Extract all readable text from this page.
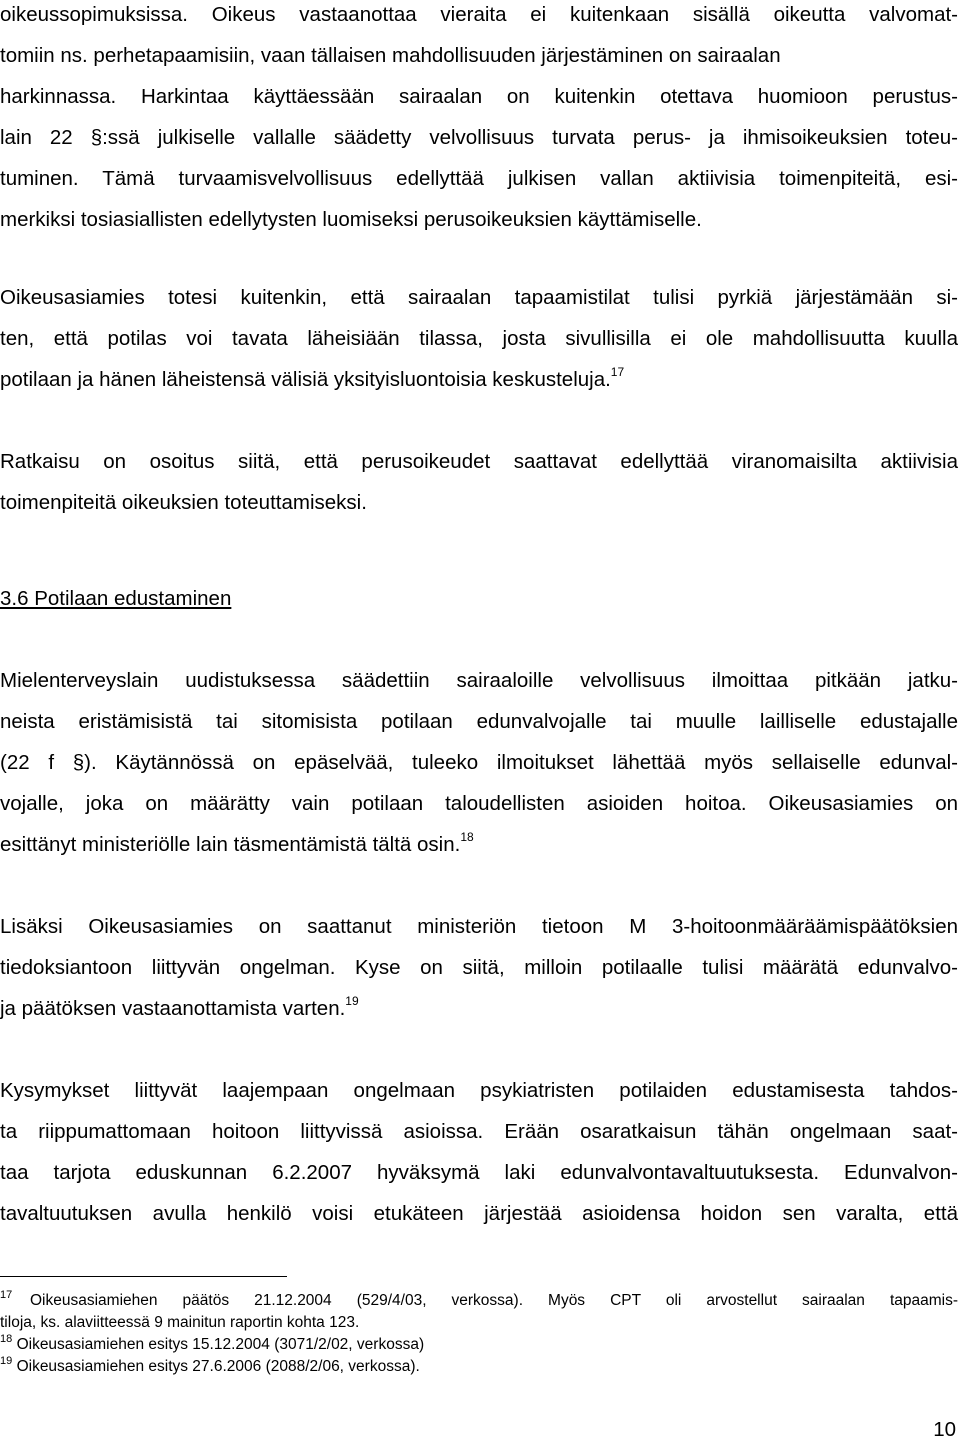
oikeussopimuksissa. Oikeus vastaanottaa vieraita ei kuitenkaan sisällä oikeutta valvomat-
tomiin ns. perhetapaamisiin, vaan tällaisen mahdollisuuden järjestäminen on sairaalan
harkinnassa. Harkintaa käyttäessään sairaalan on kuitenkin otettava huomioon perustus-
lain 22 §:ssä julkiselle vallalle säädetty velvollisuus turvata perus- ja ihmisoikeuksien toteu-
tuminen. Tämä turvaamisvelvollisuus edellyttää julkisen vallan aktiivisia toimenpiteitä, esi-
merkiksi tosiasiallisten edellytysten luomiseksi perusoikeuksien käyttämiselle.
Oikeusasiamies totesi kuitenkin, että sairaalan tapaamistilat tulisi pyrkiä järjestämään si-
ten, että potilas voi tavata läheisiään tilassa, josta sivullisilla ei ole mahdollisuutta kuulla
potilaan ja hänen läheistensä välisiä yksityisluontoisia keskusteluja.$^{17}$
Ratkaisu on osoitus siitä, että perusoikeudet saattavat edellyttää viranomaisilta aktiivisia
toimenpiteitä oikeuksien toteuttamiseksi.
3.6 Potilaan edustaminen
Mielenterveyslain uudistuksessa säädettiin sairaaloille velvollisuus ilmoittaa pitkään jatku-
neista eristämisistä tai sitomisista potilaan edunvalvojalle tai muulle lailliselle edustajalle
(22 f §). Käytännössä on epäselvää, tuleeko ilmoitukset lähettää myös sellaiselle edunval-
vojalle, joka on määrätty vain potilaan taloudellisten asioiden hoitoa. Oikeusasiamies on
esittänyt ministeriölle lain täsmentämistä tältä osin.$^{18}$
Lisäksi Oikeusasiamies on saattanut ministeriön tietoon M 3-hoitoonmääräämispäätöksien
tiedoksiantoon liittyvän ongelman. Kyse on siitä, milloin potilaalle tulisi määrätä edunvalvo-
ja päätöksen vastaanottamista varten.$^{19}$
Kysymykset liittyvät laajempaan ongelmaan psykiatristen potilaiden edustamisesta tahdos-
ta riippumattomaan hoitoon liittyvissä asioissa. Erään osaratkaisun tähän ongelmaan saat-
taa tarjota eduskunnan 6.2.2007 hyväksymä laki edunvalvontavaltuutuksesta. Edunvalvon-
tavaltuutuksen avulla henkilö voisi etukäteen järjestää asioidensa hoidon sen varalta, että
$^{17}$ Oikeusasiamiehen päätös 21.12.2004 (529/4/03, verkossa). Myös CPT oli arvostellut sairaalan tapaamis-
tiloja, ks. alaviitteessä 9 mainitun raportin kohta 123.
$^{18}$ Oikeusasiamiehen esitys 15.12.2004 (3071/2/02, verkossa)
$^{19}$ Oikeusasiamiehen esitys 27.6.2006 (2088/2/06, verkossa).
10
